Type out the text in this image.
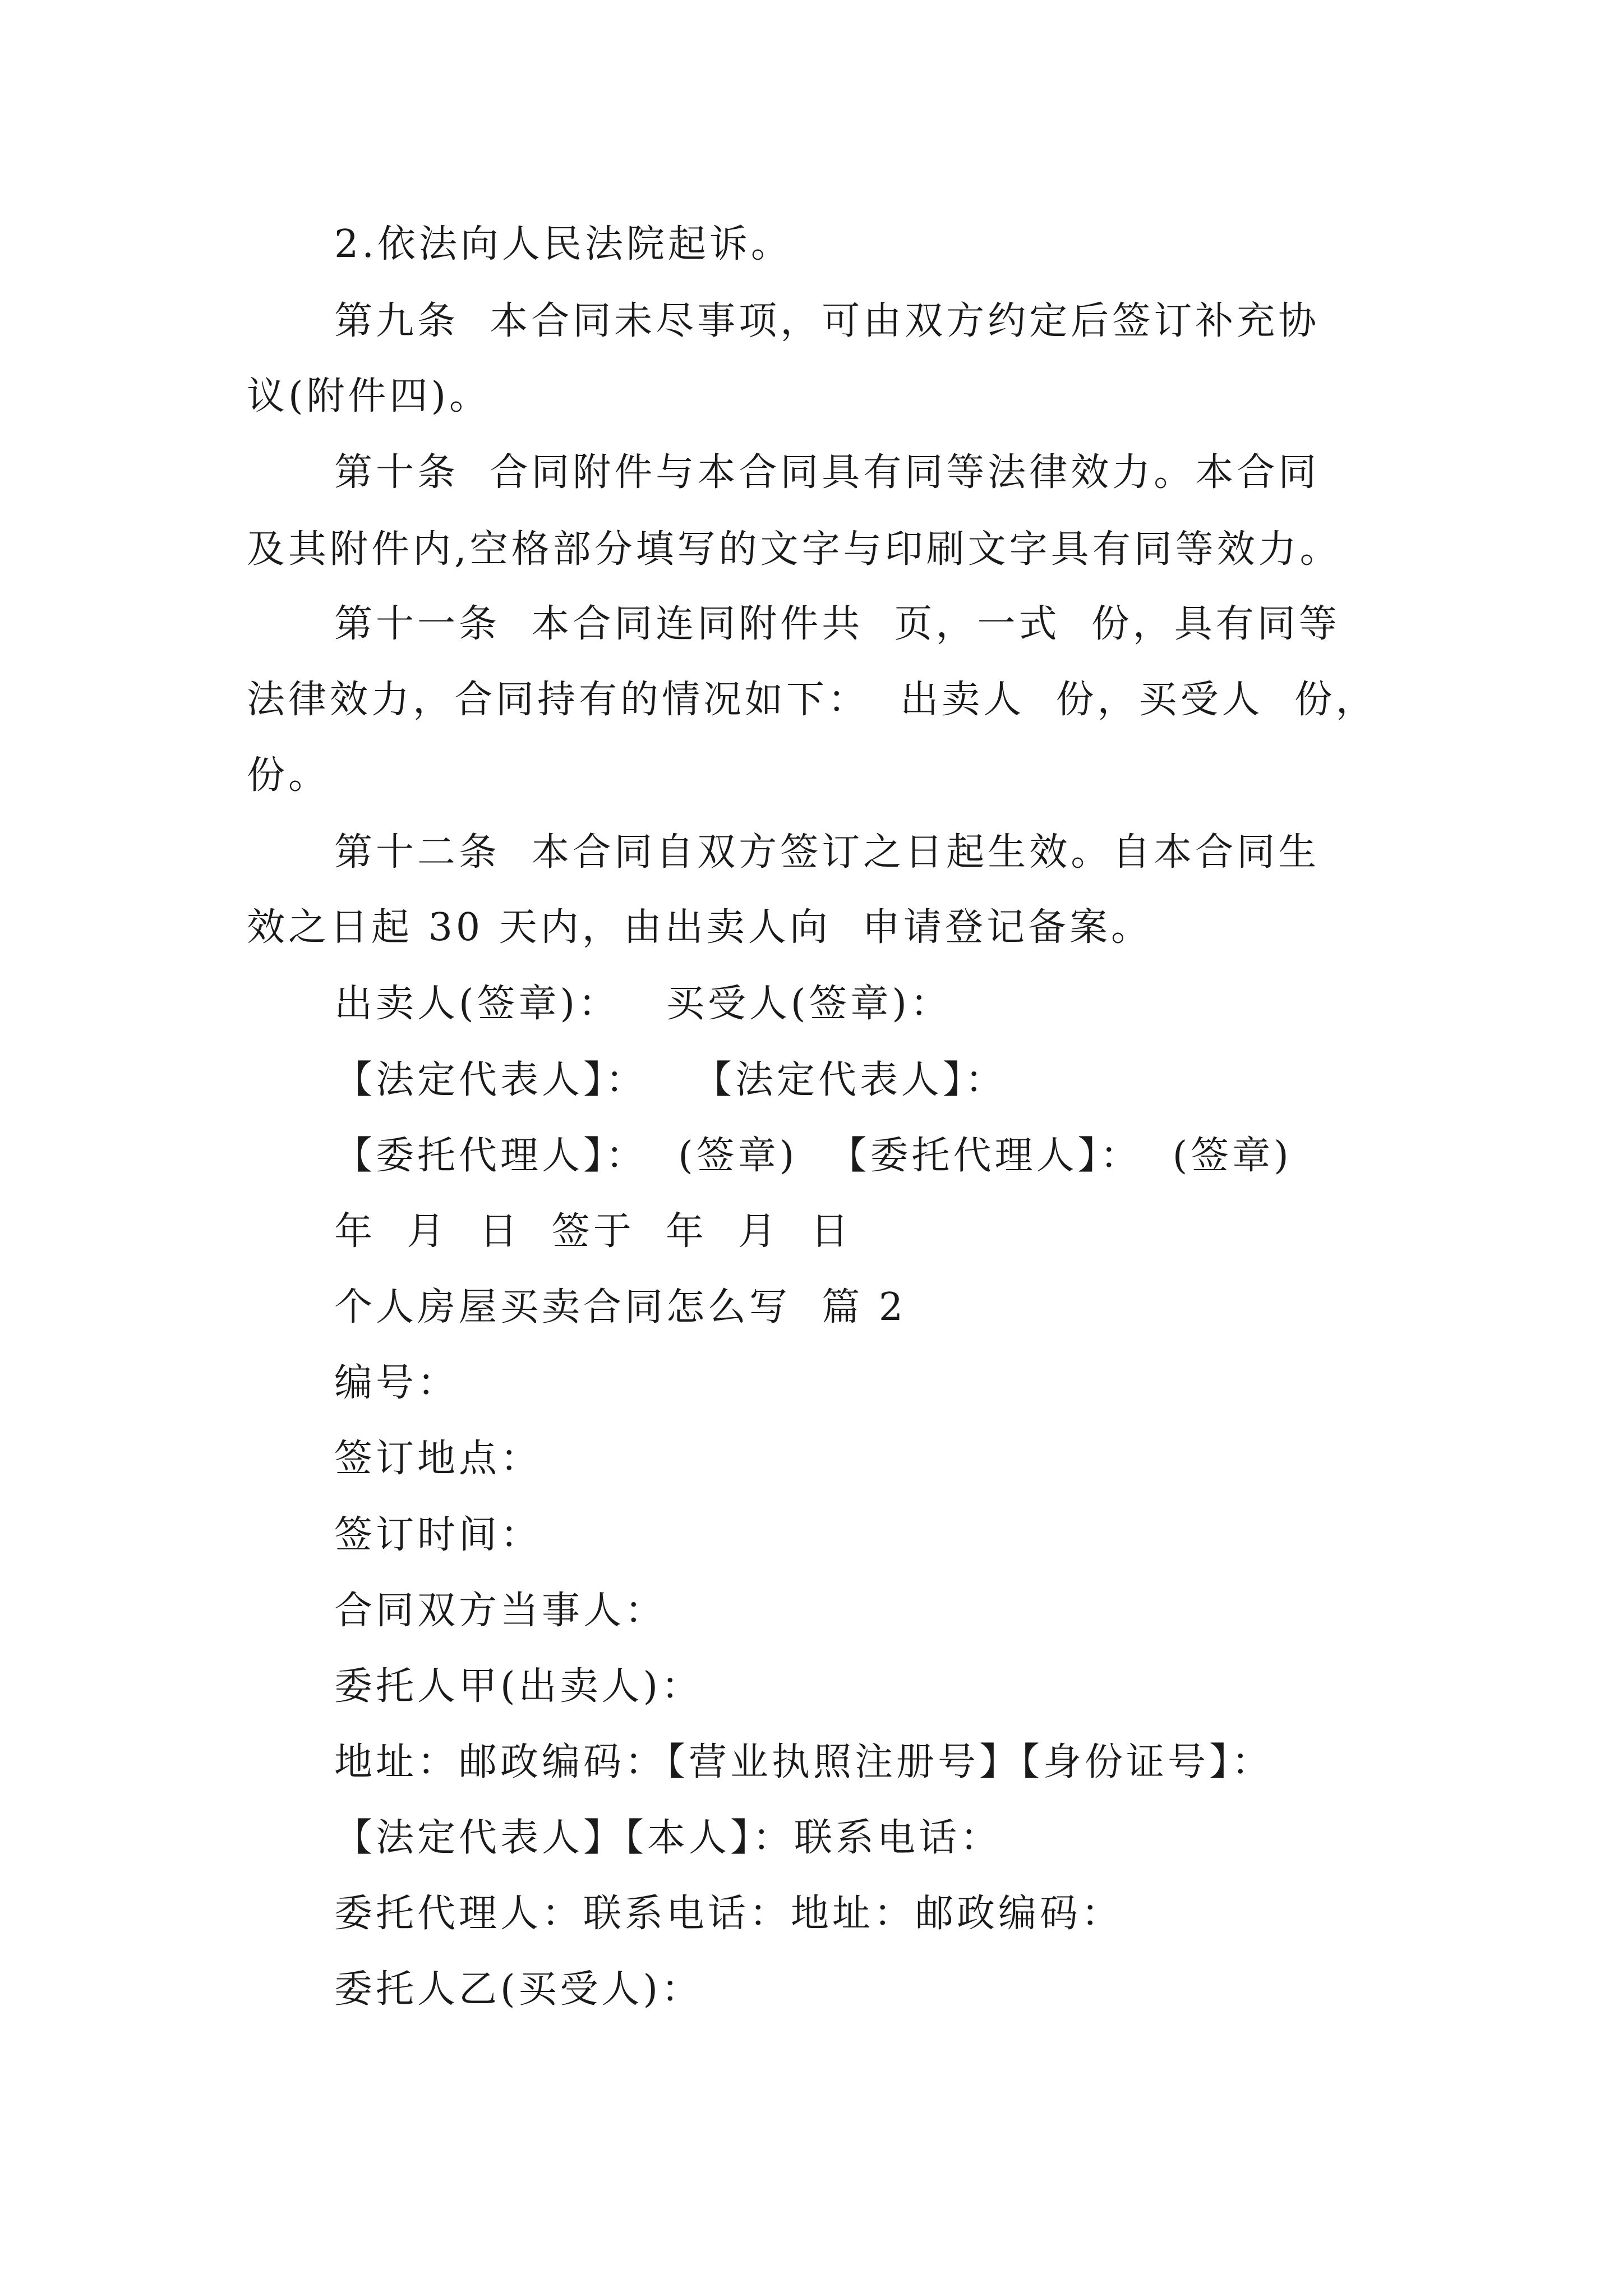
2.依法向人民法院起诉。
第九条  本合同未尽事项，可由双方约定后签订补充协
议(附件四)。
第十条  合同附件与本合同具有同等法律效力。本合同
及其附件内,空格部分填写的文字与印刷文字具有同等效力。
第十一条  本合同连同附件共  页，一式  份，具有同等
法律效力，合同持有的情况如下：  出卖人  份，买受人  份，
份。
第十二条  本合同自双方签订之日起生效。自本合同生
效之日起 30 天内，由出卖人向  申请登记备案。
出卖人(签章)：   买受人(签章)：
【法定代表人】：   【法定代表人】：
【委托代理人】：  (签章)  【委托代理人】：  (签章)
年  月  日  签于  年  月  日
个人房屋买卖合同怎么写  篇 2
编号：
签订地点：
签订时间：
合同双方当事人：
委托人甲(出卖人)：
地址：邮政编码：【营业执照注册号】【身份证号】：
【法定代表人】【本人】：联系电话：
委托代理人：联系电话：地址：邮政编码：
委托人乙(买受人)：
